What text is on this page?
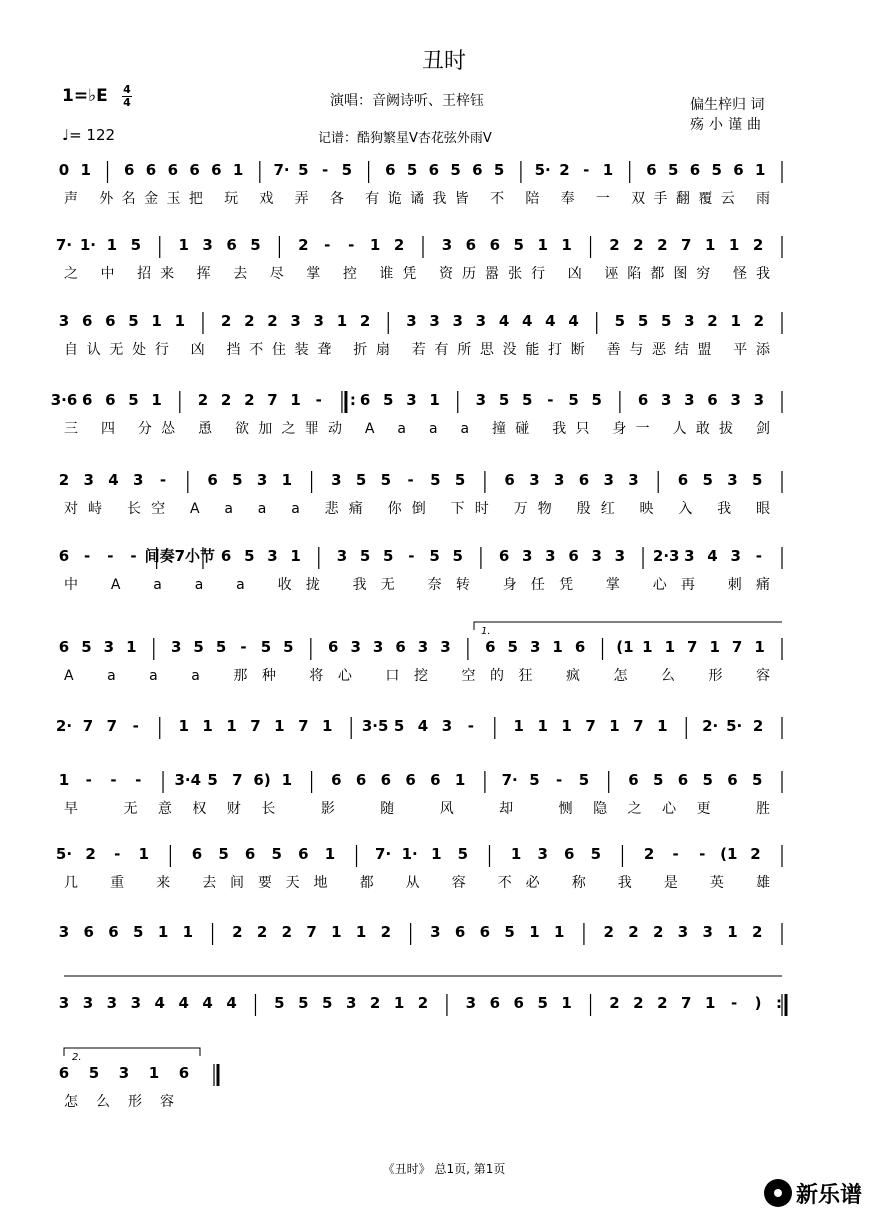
丑时
1=♭E 4
4
♩= 122
演唱：音阙诗听、王梓钰
记谱：酷狗繁星V杏花弦外雨V
偏生梓归 词
殇小谨曲
0 1 6 6 6 6 6 1 7· 5 - 5 6 5 6 5 6 5 5· 2 - 1 6 5 6 5 6 1
声 外名金玉把 玩 戏 弄 各 有诡谲我皆 不 陪 奉 一 双手翻覆云 雨
7· 1· 1 5 1 3 6 5 2 - - 1 2 3 6 6 5 1 1 2 2 2 7 1 1 2
之 中 招来 挥 去 尽 掌 控 谁凭 资历嚣张行 凶 诬陷都图穷 怪我
3 6 6 5 1 1 2 2 2 3 3 1 2 3 3 3 3 4 4 4 4 5 5 5 3 2 1 2
自认无处行 凶 挡不住装聋 折扇 若有所思没能打断 善与恶结盟 平添
3·6 6 6 5 1 2 2 2 7 1 - : 6 5 3 1 3 5 5 - 5 5 6 3 3 6 3 3
三 四 分怂 恿 欲加之罪动 A a a a 撞碰 我只 身一 人敢拔 剑
2 3 4 3 -	6 5 3 1	3 5 5 - 5 5	6 3 3 6 3 3	6 5 3 5
对峙 长空 A a a a 悲痛 你倒 下时 万物 殷红 映 入 我 眼
6 - - - 间奏7小节 6 5 3 1 3 5 5 - 5 5 6 3 3 6 3 3 2·3 3 4 3 -
中 A a a a 收拢 我无 奈转 身任凭 掌 心再 刺痛
6 5 3 1 3 5 5 - 5 5 6 3 3 6 3 3 6 5 3 1 6 (1 1 1 7 1 7 1
A a a a 那种 将心 口挖 空的狂 疯 怎 么 形 容
2· 7 7 -	1 1 1 7 1 7 1 3·5 5 4 3 -	1 1 1 7 1 7 1 2· 5· 2
1 - - - 3·4 5 7 6) 1	6 6 6 6 6 1 7· 5 - 5	6 5 6 5 6 5
早 无意权财长 影 随 风 却 恻隐之心更 胜
5· 2 - 1	6 5 6 5 6 1	7· 1· 1 5	1 3 6 5	2 - - (1 2
几 重 来 去间要天地 都 从 容 不必 称 我 是 英 雄
3 6 6 5 1 1	2 2 2 7 1 1 2	3 6 6 5 1 1	2 2 2 3 3 1 2
3 3 3 3 4 4 4 4 5 5 5 3 2 1 2 3 6 6 5 1 2 2 2 7 1 - ) :
6 5 3 1 6
怎 么 形 容
1.
2.
《丑时》 总1页, 第1页
新乐谱
